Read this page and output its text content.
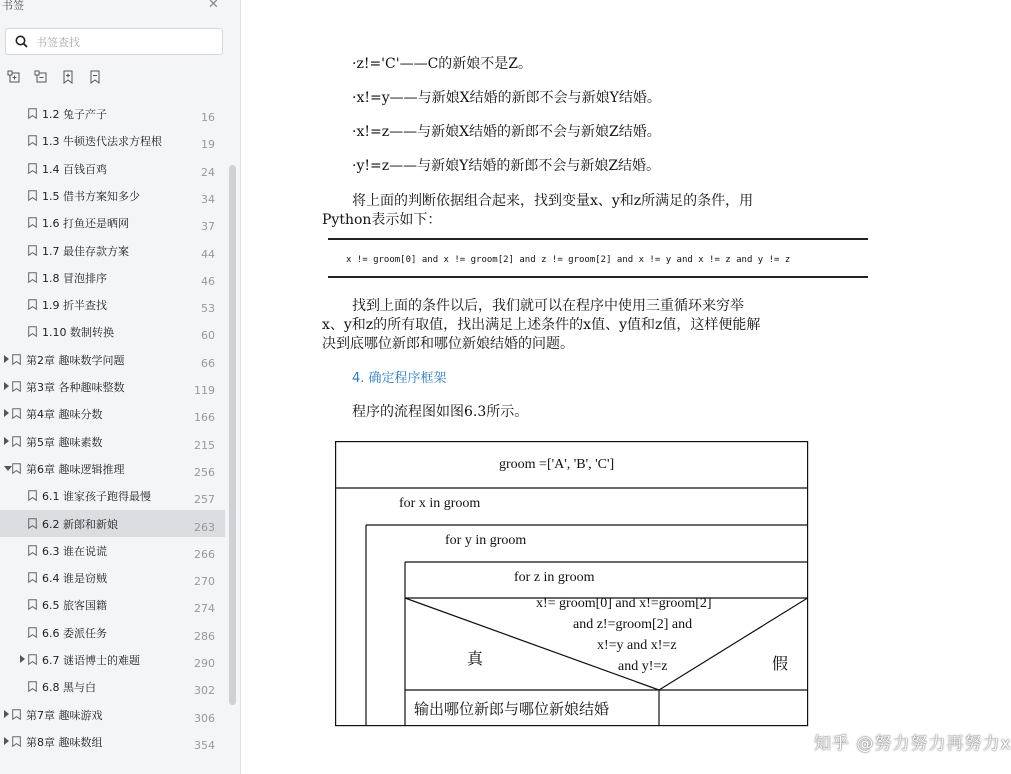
书签	✕
书签查找
1.2 兔子产子	16
1.3 牛顿迭代法求方程根	19
1.4 百钱百鸡	24
1.5 借书方案知多少	34
1.6 打鱼还是晒网	37
1.7 最佳存款方案	44
1.8 冒泡排序	46
1.9 折半查找	53
1.10 数制转换	60
第2章 趣味数学问题	66
第3章 各种趣味整数	119
第4章 趣味分数	166
第5章 趣味素数	215
第6章 趣味逻辑推理	256
6.1 谁家孩子跑得最慢	257
6.2 新郎和新娘	263
6.3 谁在说谎	266
6.4 谁是窃贼	270
6.5 旅客国籍	274
6.6 委派任务	286
6.7 谜语博士的难题	290
6.8 黑与白	302
第7章 趣味游戏	306
第8章 趣味数组	354
·z!='C'——C的新娘不是Z。
·x!=y——与新娘X结婚的新郎不会与新娘Y结婚。
·x!=z——与新娘X结婚的新郎不会与新娘Z结婚。
·y!=z——与新娘Y结婚的新郎不会与新娘Z结婚。
将上面的判断依据组合起来，找到变量x、y和z所满足的条件，用
Python表示如下：
x != groom[0] and x != groom[2] and z != groom[2] and x != y and x != z and y != z
找到上面的条件以后，我们就可以在程序中使用三重循环来穷举
x、y和z的所有取值，找出满足上述条件的x值、y值和z值，这样便能解
决到底哪位新郎和哪位新娘结婚的问题。
4. 确定程序框架
程序的流程图如图6.3所示。
groom =['A', 'B', 'C']
for x in groom
for y in groom
for z in groom
x!= groom[0] and x!=groom[2]
and z!=groom[2] and
x!=y and x!=z
and y!=z
真	假
输出哪位新郎与哪位新娘结婚
知乎 @努力努力再努力x
